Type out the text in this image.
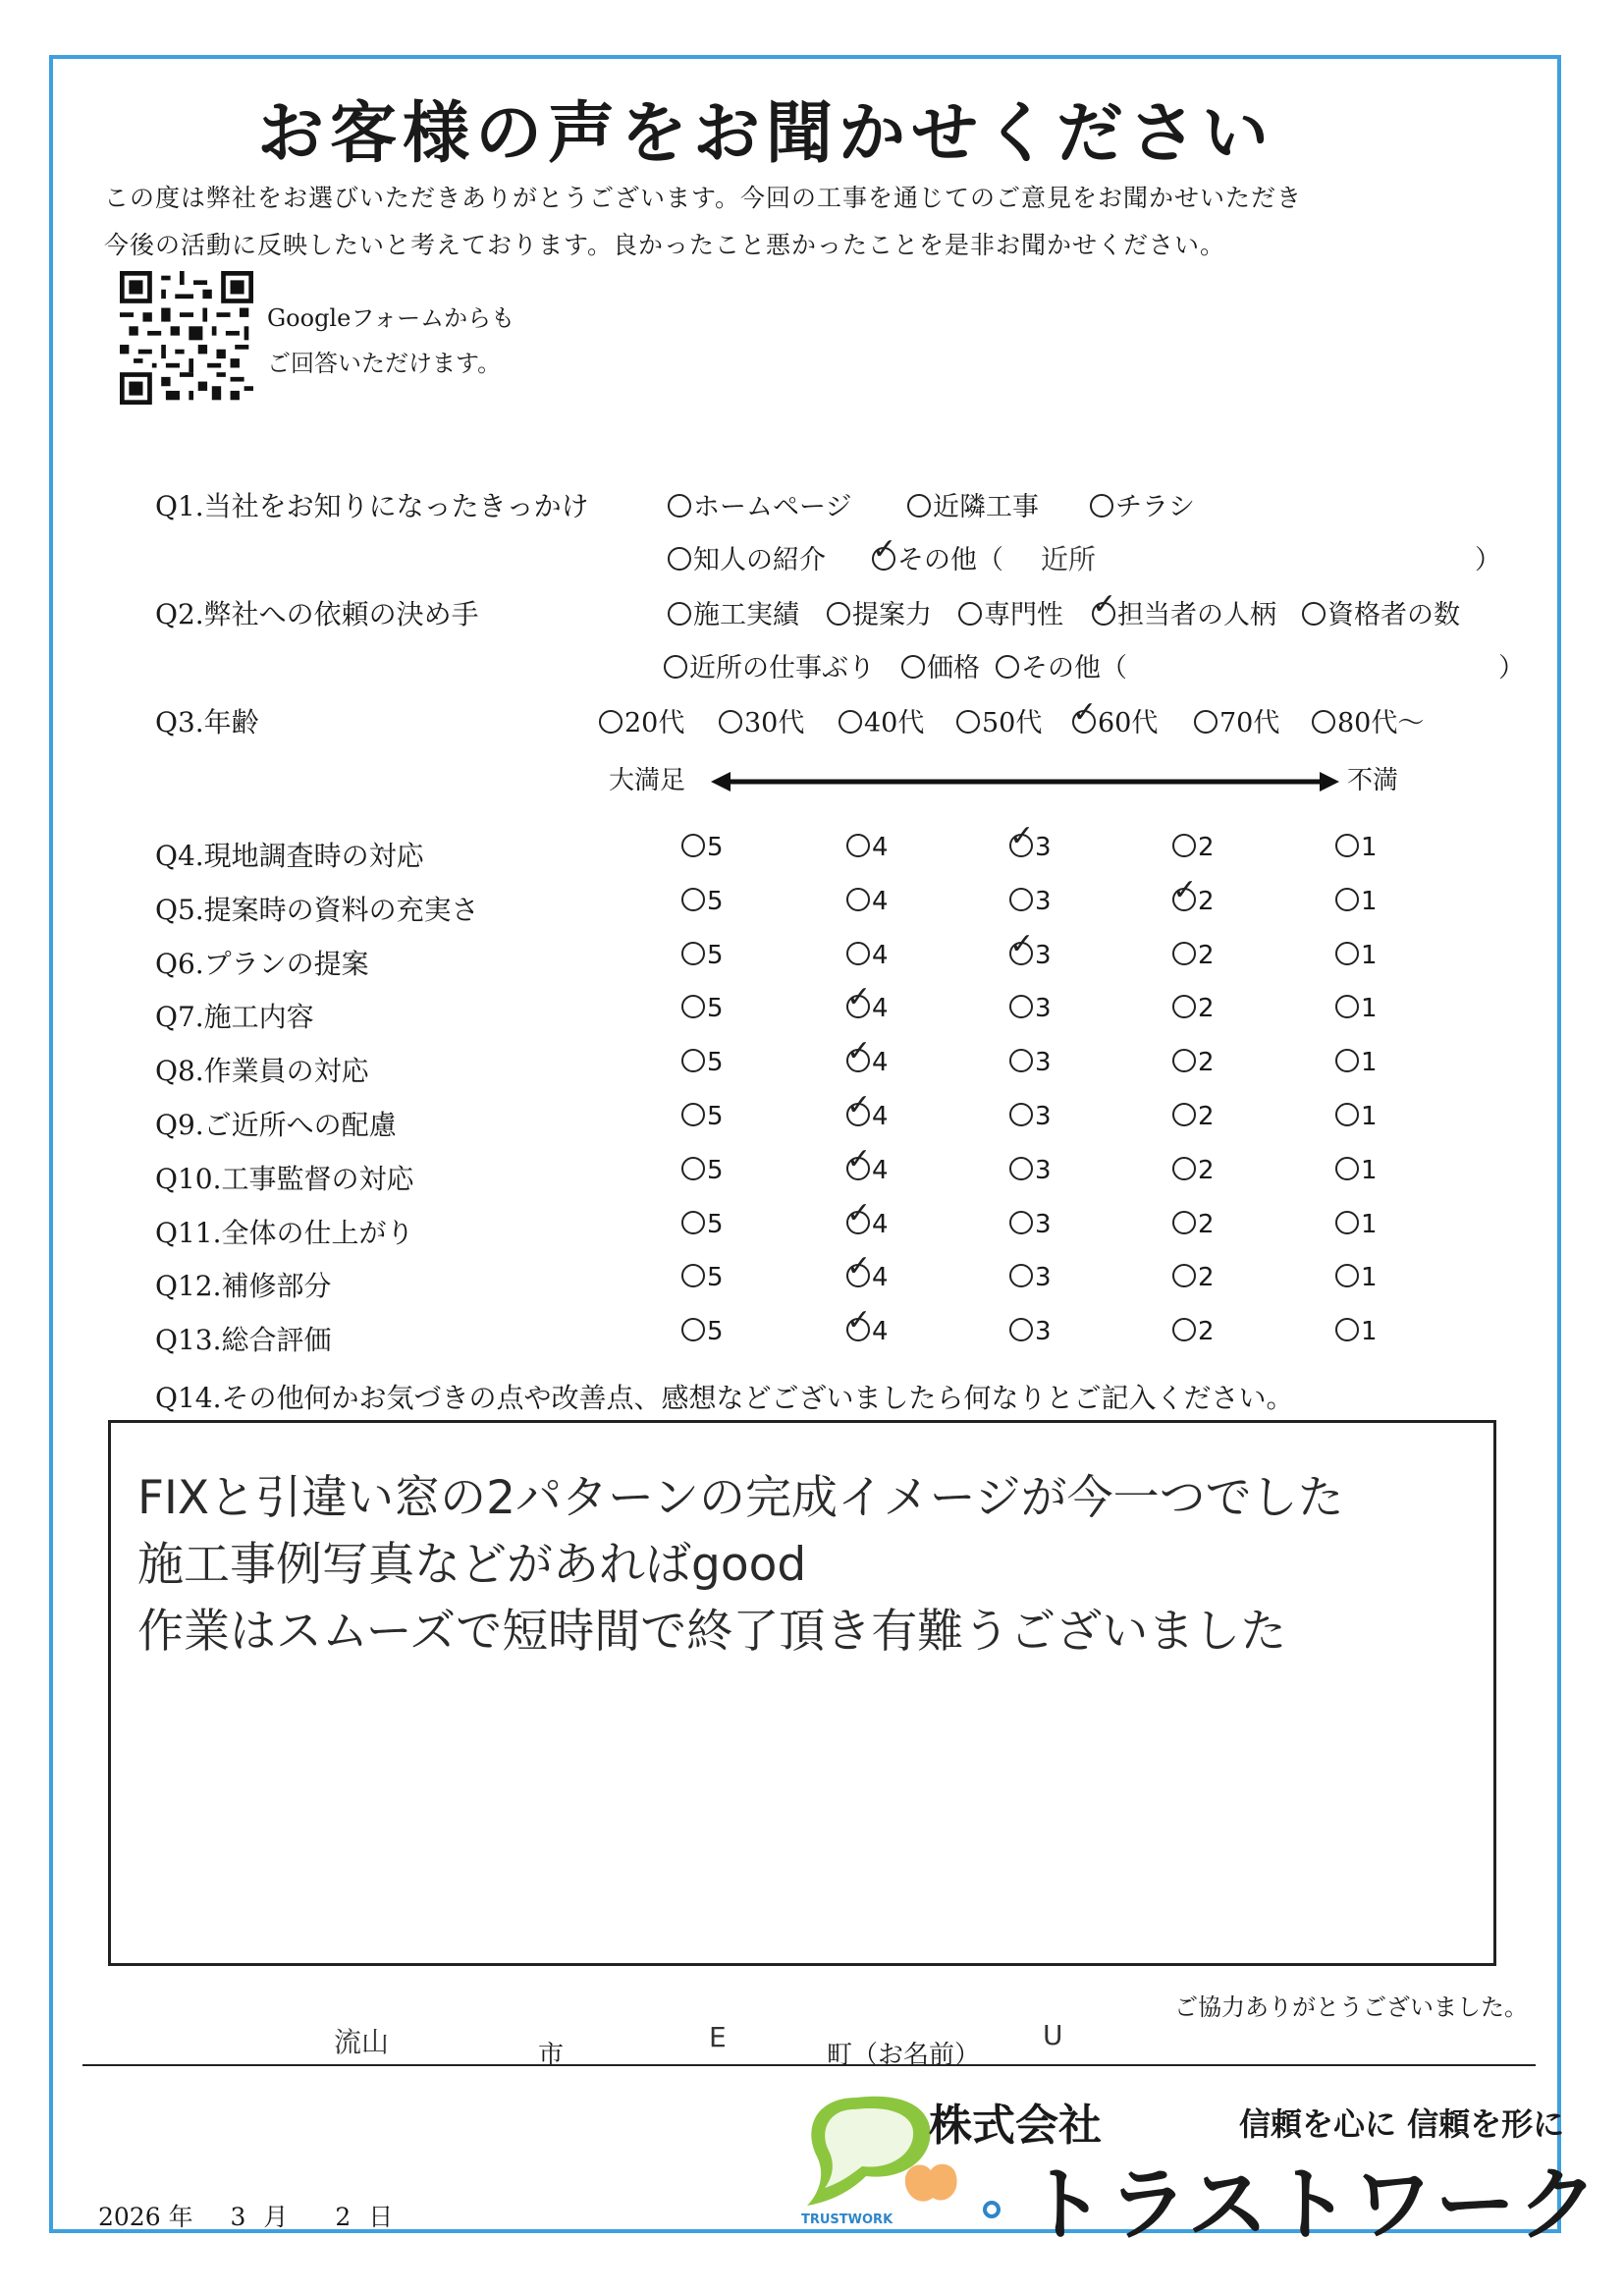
お客様の声をお聞かせください
この度は弊社をお選びいただきありがとうございます。今回の工事を通じてのご意見をお聞かせいただき
今後の活動に反映したいと考えております。良かったこと悪かったことを是非お聞かせください。
Googleフォームからも
ご回答いただけます。
Q1.当社をお知りになったきっかけ	ホームページ	近隣工事	チラシ
知人の紹介 ✓ その他（ 近所	）
Q2.弊社への依頼の決め手	施工実績	提案力	専門性 ✓ 担当者の人柄	資格者の数
近所の仕事ぶり	価格	その他（	）
Q3.年齢	20代	30代	40代	50代 ✓ 60代	70代	80代～
大満足	不満
Q4.現地調査時の対応	5	4	✓ 3	2	1
Q5.提案時の資料の充実さ	5	4	3	✓ 2	1
Q6.プランの提案	5	4	✓ 3	2	1
Q7.施工内容	5	✓ 4	3	2	1
Q8.作業員の対応	5	✓ 4	3	2	1
Q9.ご近所への配慮	5	✓ 4	3	2	1
Q10.工事監督の対応	5	✓ 4	3	2	1
Q11.全体の仕上がり	5	✓ 4	3	2	1
Q12.補修部分	5	✓ 4	3	2	1
Q13.総合評価	5	✓ 4	3	2	1
Q14.その他何かお気づきの点や改善点、感想などございましたら何なりとご記入ください。
FIXと引違い窓の2パターンの完成イメージが今一つでした
施工事例写真などがあればgood
作業はスムーズで短時間で終了頂き有難うございました
ご協力ありがとうございました。
流山	市
E
町（お名前）
U
2026 年 3 月 2 日	TRUSTWORK
株式会社	信頼を心に 信頼を形に
トラストワーク
